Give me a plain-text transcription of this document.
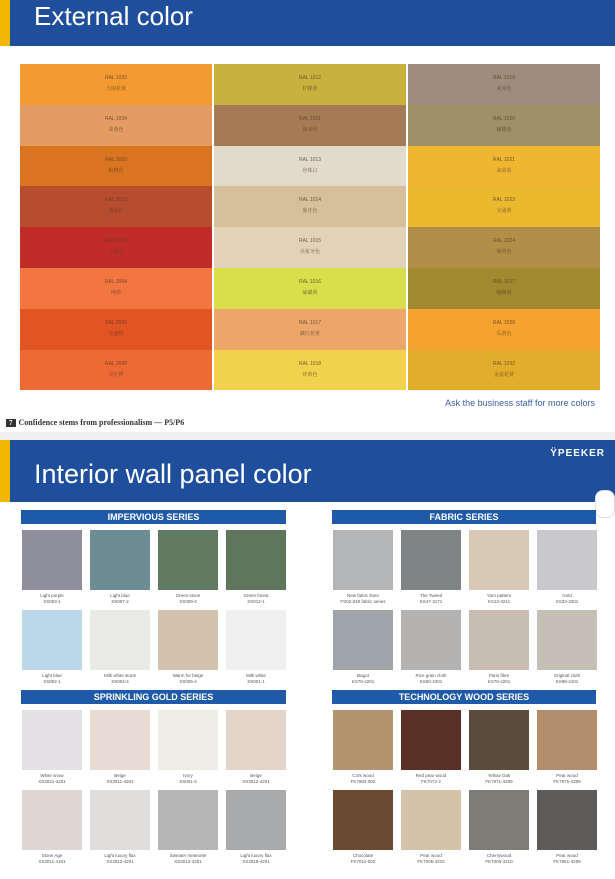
External color
RAL 1033
大丽花黄
RAL 1034
柔黄色
RAL 2003
粉橙色
RAL 3013
番茄红
RAL 3020
交通红
RAL 2004
纯橙
RAL 2009
交通橙
RAL 2008
亮红橙
RAL 1012
柠檬黄
RAL 1011
褐米色
RAL 1013
珍珠白
RAL 1014
象牙色
RAL 1015
亮象牙色
RAL 1016
硫磺黄
RAL 1017
藏红花黄
RAL 1018
锌黄色
RAL 1019
灰米色
RAL 1020
橄榄黄
RAL 1021
油菜黄
RAL 1023
交通黄
RAL 1024
赭黄色
RAL 1027
咖喱黄
RAL 1028
瓜黄色
RAL 1032
金雀花黄
Ask the business staff for more colors
7 Confidence stems from professionalism — P5/P6
Interior wall panel color
ΫPEEKER
IMPERVIOUS SERIES
Light purple
XS003-1
Light blue
XS007-2
Green stone
XS009-2
Green forest
XS012-1
Light blue
XS002-1
Milk white stone
XS004-4
Warm fur beige
XS005-4
Milk white
XS001-1
FABRIC SERIES
New fabric linen
FS02-048 fabric series
The Tweed
KS47-3171
Yarn pattern
KS13-3211
Gold
XS33-3201
Bagot
KS79-4201
Rice grain cloth
KS50-4201
Paris fibre
KS79-4201
Original cloth
KS98-4101
SPRINKLING GOLD SERIES
White snow
XS3021-4201
Beige
XS3011-4201
Ivory
XS001-2
Beige
XS3012-4201
Stone Age
XS3011-4101
Light luxury flax
XS3013-4201
Sweater meteorite
XS3012-4201
Light luxury flax
XS3018-4201
TECHNOLOGY WOOD SERIES
Cork wood
FK7993-002
Red pear wood
FK7072-2
Yellow Oak
FK7971-4289
Pear wood
FK7975-4289
Chocolate
FK7011-002
Pear wood
FK7006-4310
Cherrywood
FK7006-4310
Pear wood
FK7951-4289
